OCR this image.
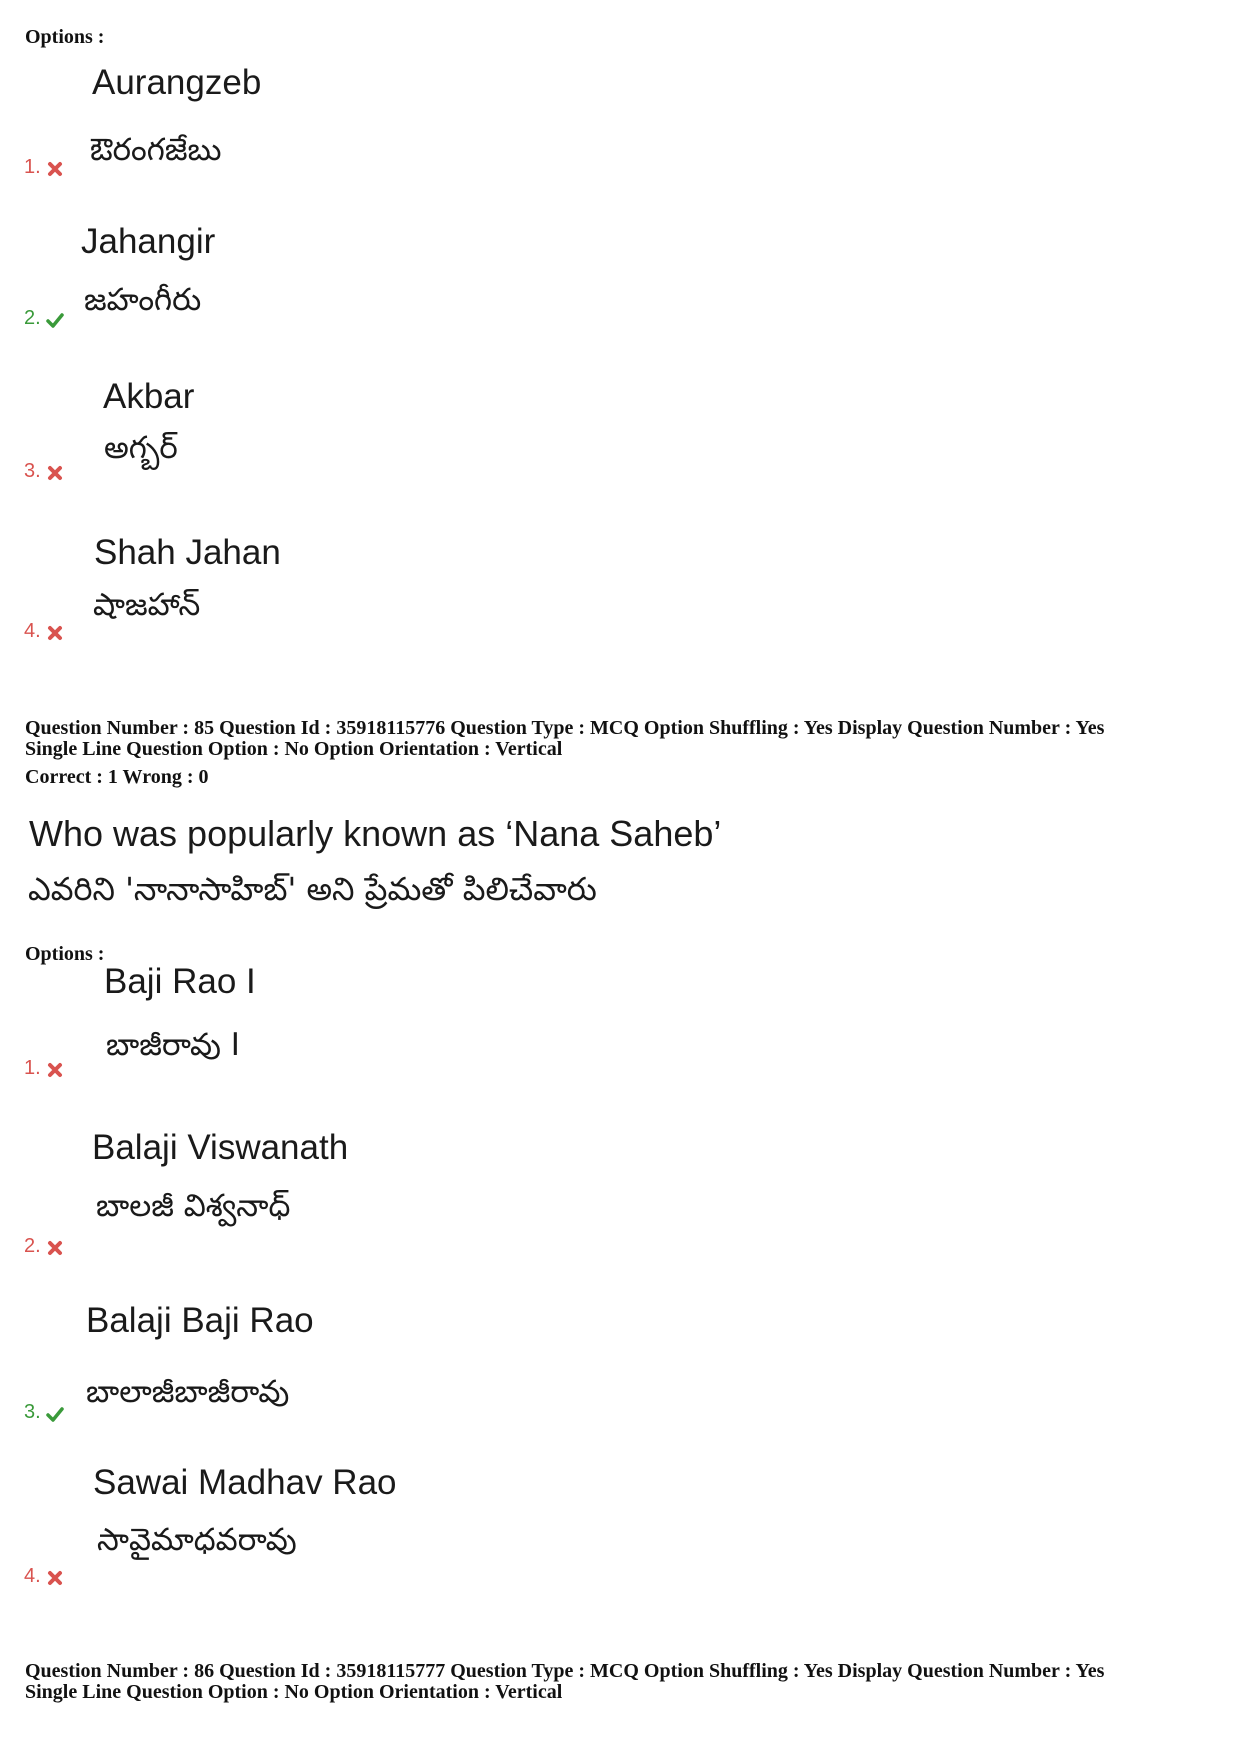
Options :
Aurangzeb
ఔరంగజేబు
1.
Jahangir
జహంగీరు
2.
Akbar
అగ్బర్
3.
Shah Jahan
షాజహాన్
4.
Question Number : 85 Question Id : 35918115776 Question Type : MCQ Option Shuffling : Yes Display Question Number : Yes
Single Line Question Option : No Option Orientation : Vertical
Correct : 1 Wrong : 0
Who was popularly known as ‘Nana Saheb’
ఎవరిని 'నానాసాహిబ్' అని ప్రేమతో పిలిచేవారు
Options :
Baji Rao I
బాజీరావు I
1.
Balaji Viswanath
బాలజీ విశ్వనాధ్
2.
Balaji Baji Rao
బాలాజీబాజీరావు
3.
Sawai Madhav Rao
సావైమాధవరావు
4.
Question Number : 86 Question Id : 35918115777 Question Type : MCQ Option Shuffling : Yes Display Question Number : Yes
Single Line Question Option : No Option Orientation : Vertical
